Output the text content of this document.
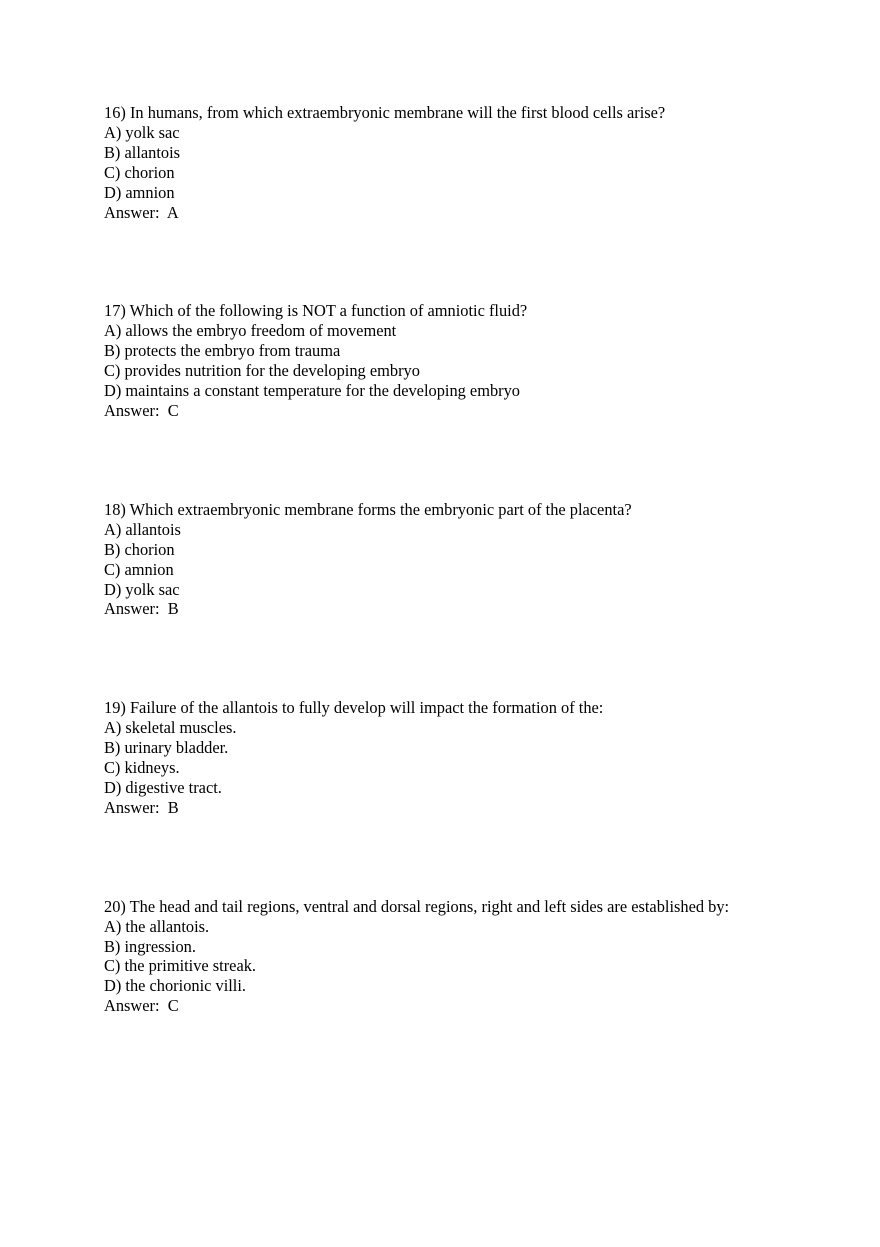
16) In humans, from which extraembryonic membrane will the first blood cells arise?
A) yolk sac
B) allantois
C) chorion
D) amnion
Answer:  A
17) Which of the following is NOT a function of amniotic fluid?
A) allows the embryo freedom of movement
B) protects the embryo from trauma
C) provides nutrition for the developing embryo
D) maintains a constant temperature for the developing embryo
Answer:  C
18) Which extraembryonic membrane forms the embryonic part of the placenta?
A) allantois
B) chorion
C) amnion
D) yolk sac
Answer:  B
19) Failure of the allantois to fully develop will impact the formation of the:
A) skeletal muscles.
B) urinary bladder.
C) kidneys.
D) digestive tract.
Answer:  B
20) The head and tail regions, ventral and dorsal regions, right and left sides are established by:
A) the allantois.
B) ingression.
C) the primitive streak.
D) the chorionic villi.
Answer:  C
